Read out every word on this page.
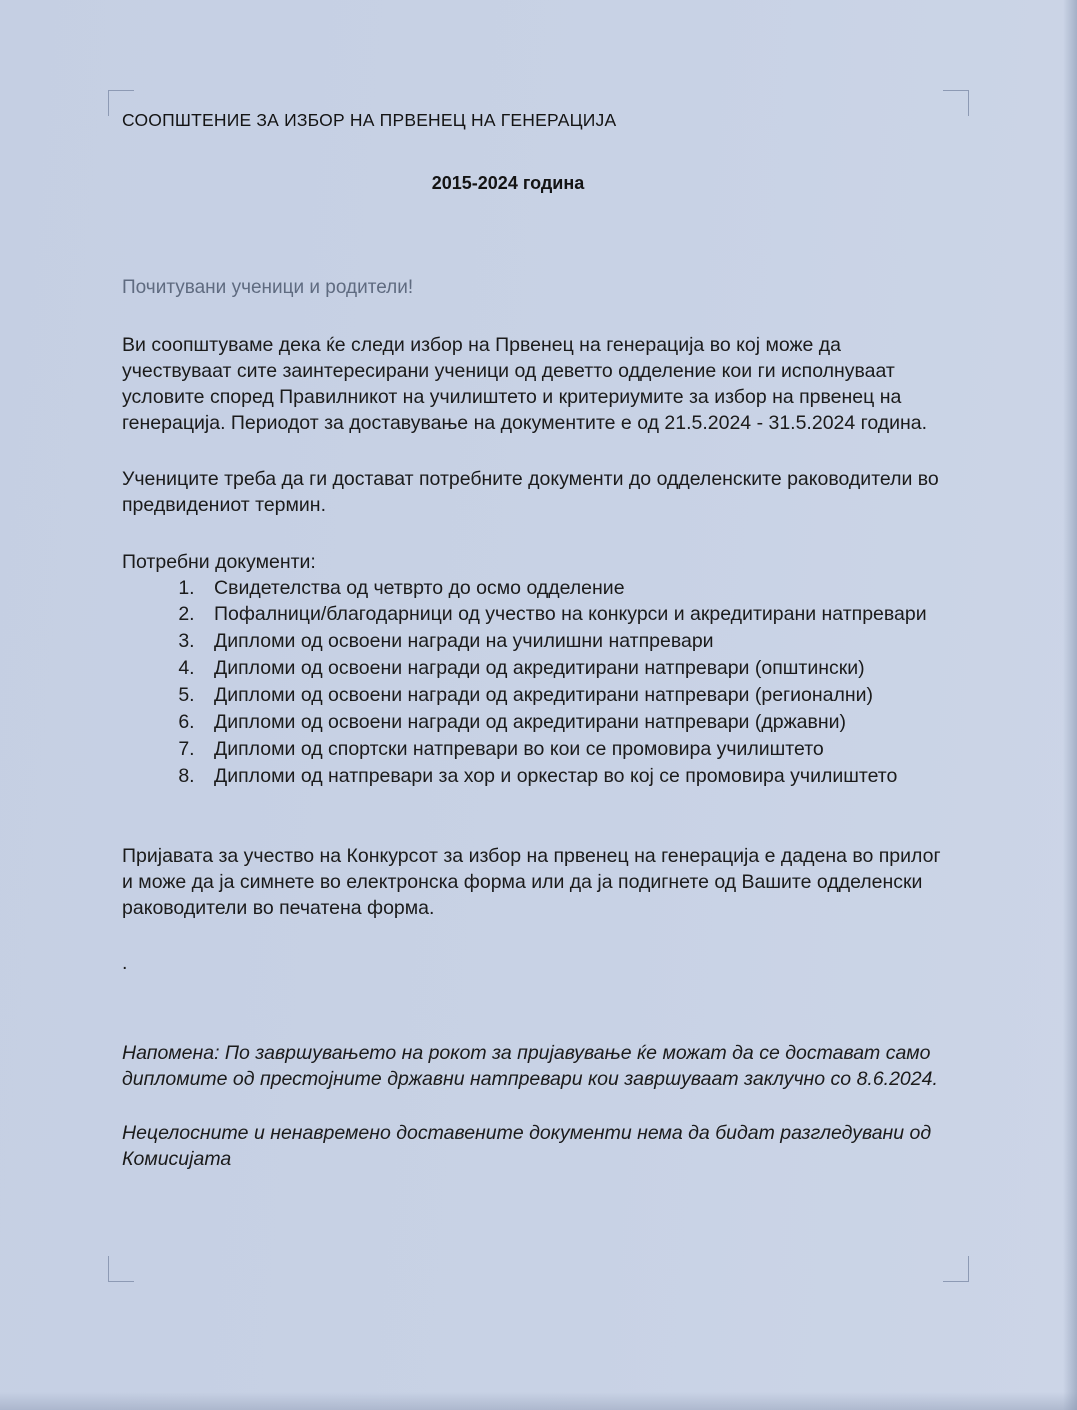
СООПШТЕНИЕ ЗА ИЗБОР НА ПРВЕНЕЦ НА ГЕНЕРАЦИЈА
2015-2024 година
Почитувани ученици и родители!
Ви соопштуваме дека ќе следи избор на Првенец на генерација во кој може да учествуваат сите заинтересирани ученици од деветто одделение кои ги исполнуваат условите според Правилникот на училиштето и критериумите за избор на првенец на генерација. Периодот за доставување на документите е од 21.5.2024 - 31.5.2024 година.
Учениците треба да ги достават потребните документи до одделенските раководители во предвидениот термин.
Потребни документи:
1. Свидетелства од четврто до осмо одделение
2. Пофалници/благодарници од учество на конкурси и акредитирани натпревари
3. Дипломи од освоени награди на училишни натпревари
4. Дипломи од освоени награди од акредитирани натпревари (општински)
5. Дипломи од освоени награди од акредитирани натпревари (регионални)
6. Дипломи од освоени награди од акредитирани натпревари (државни)
7. Дипломи од спортски натпревари во кои се промовира училиштето
8. Дипломи од натпревари за хор и оркестар во кој се промовира училиштето
Пријавата за учество на Конкурсот за избор на првенец на генерација е дадена во прилог и може да ја симнете во електронска форма или да ја подигнете од Вашите одделенски раководители во печатена форма.
.
Напомена: По завршувањето на рокот за пријавување ќе можат да се достават само дипломите од престојните државни натпревари кои завршуваат заклучно со 8.6.2024.
Нецелосните и ненавремено доставените документи нема да бидат разгледувани од Комисијата
